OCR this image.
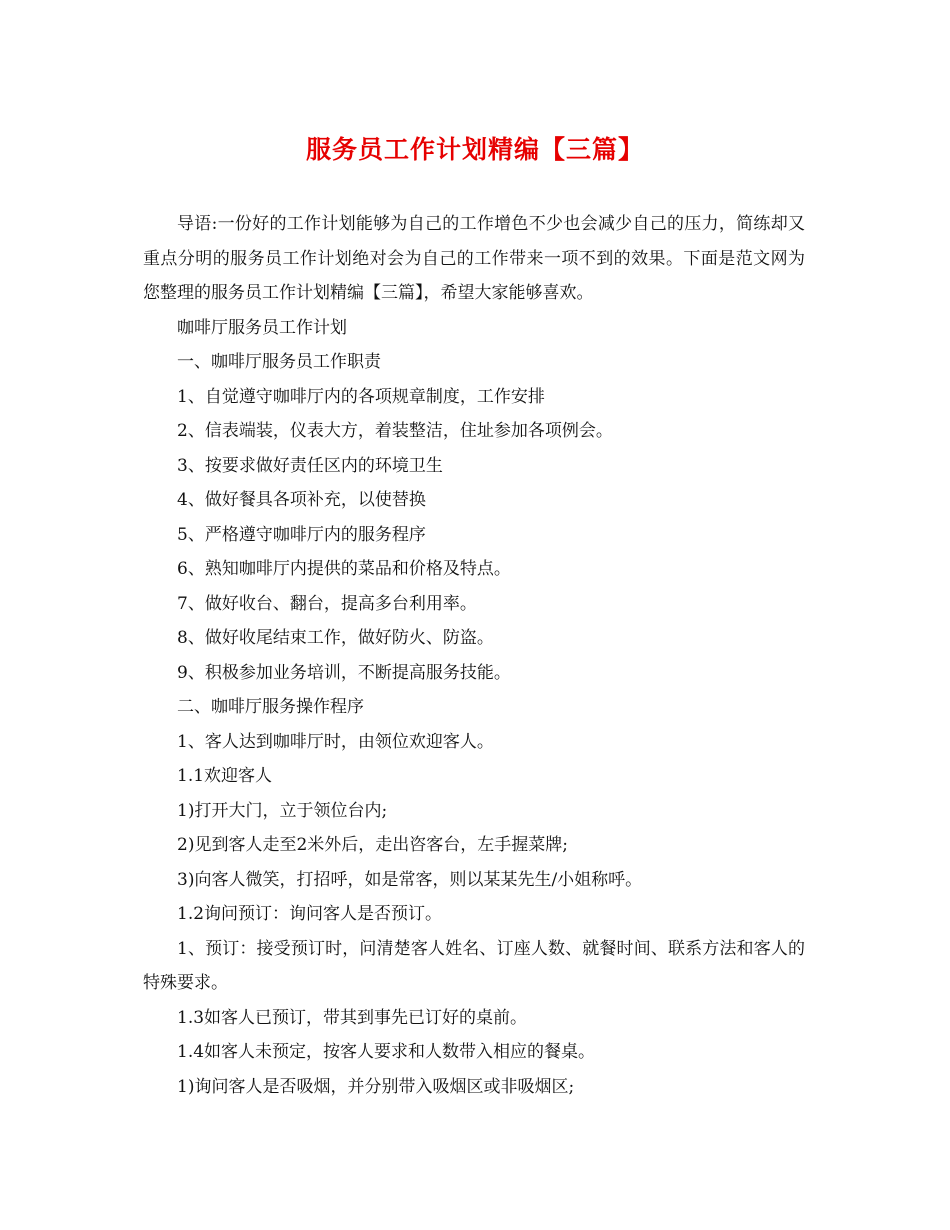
服务员工作计划精编【三篇】

导语:一份好的工作计划能够为自己的工作增色不少也会减少自己的压力，简练却又重点分明的服务员工作计划绝对会为自己的工作带来一项不到的效果。下面是范文网为您整理的服务员工作计划精编【三篇】，希望大家能够喜欢。

咖啡厅服务员工作计划

一、咖啡厅服务员工作职责

1、自觉遵守咖啡厅内的各项规章制度，工作安排

2、信表端装，仪表大方，着装整洁，住址参加各项例会。

3、按要求做好责任区内的环境卫生

4、做好餐具各项补充，以使替换

5、严格遵守咖啡厅内的服务程序

6、熟知咖啡厅内提供的菜品和价格及特点。

7、做好收台、翻台，提高多台利用率。

8、做好收尾结束工作，做好防火、防盗。

9、积极参加业务培训，不断提高服务技能。

二、咖啡厅服务操作程序

1、客人达到咖啡厅时，由领位欢迎客人。

1.1欢迎客人

1)打开大门，立于领位台内;

2)见到客人走至2米外后，走出咨客台，左手握菜牌;

3)向客人微笑，打招呼，如是常客，则以某某先生/小姐称呼。

1.2询问预订：询问客人是否预订。

1、预订：接受预订时，问清楚客人姓名、订座人数、就餐时间、联系方法和客人的特殊要求。

1.3如客人已预订，带其到事先已订好的桌前。

1.4如客人未预定，按客人要求和人数带入相应的餐桌。

1)询问客人是否吸烟，并分别带入吸烟区或非吸烟区;
